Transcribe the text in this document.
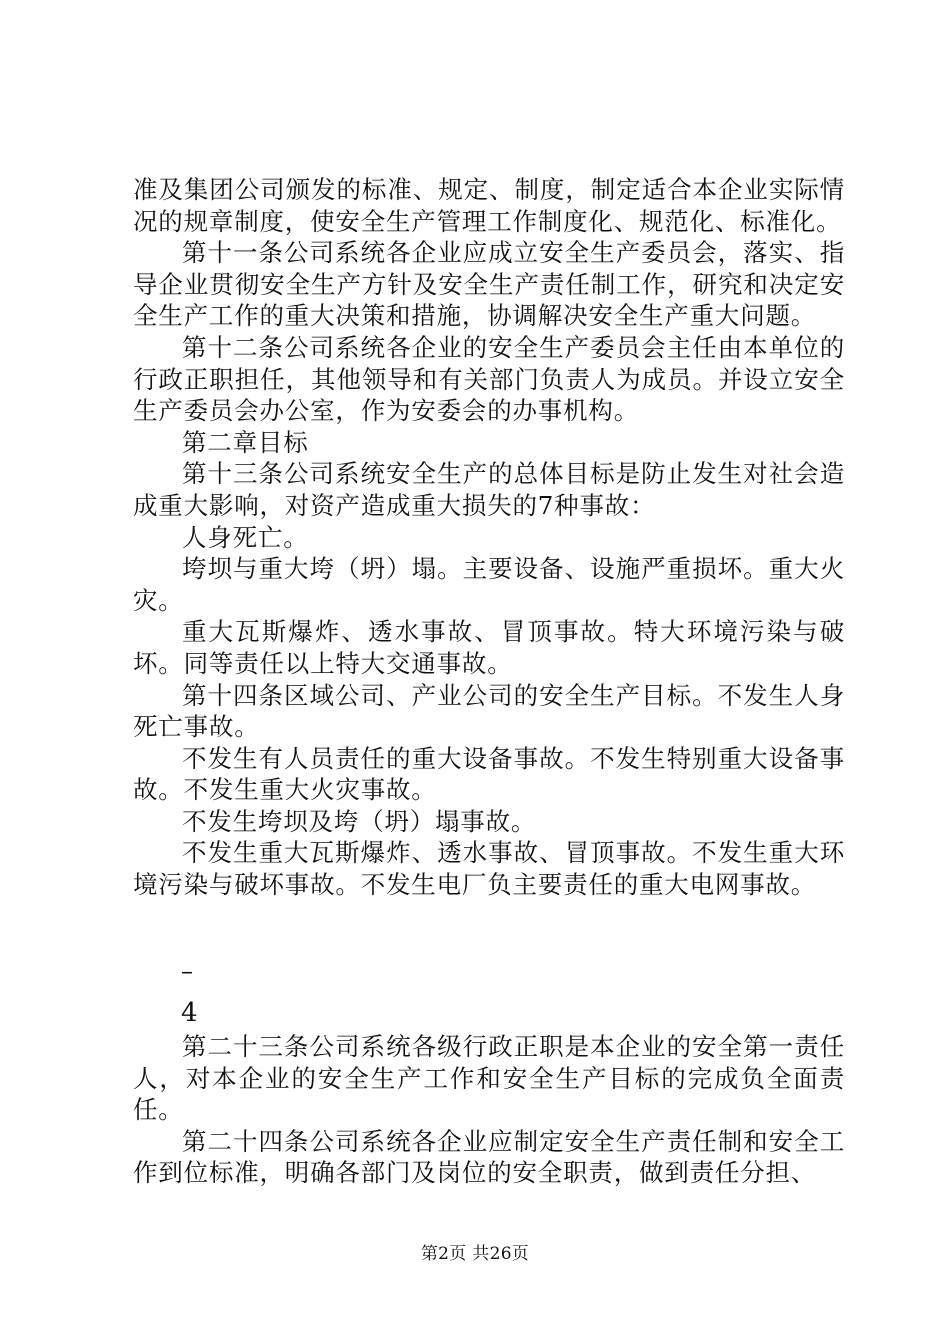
准及集团公司颁发的标准、规定、制度，制定适合本企业实际情况的规章制度，使安全生产管理工作制度化、规范化、标准化。

第十一条公司系统各企业应成立安全生产委员会，落实、指导企业贯彻安全生产方针及安全生产责任制工作，研究和决定安全生产工作的重大决策和措施，协调解决安全生产重大问题。

第十二条公司系统各企业的安全生产委员会主任由本单位的行政正职担任，其他领导和有关部门负责人为成员。并设立安全生产委员会办公室，作为安委会的办事机构。

第二章目标

第十三条公司系统安全生产的总体目标是防止发生对社会造成重大影响，对资产造成重大损失的7种事故：

人身死亡。

垮坝与重大垮（坍）塌。主要设备、设施严重损坏。重大火灾。

重大瓦斯爆炸、透水事故、冒顶事故。特大环境污染与破坏。同等责任以上特大交通事故。

第十四条区域公司、产业公司的安全生产目标。不发生人身死亡事故。

不发生有人员责任的重大设备事故。不发生特别重大设备事故。不发生重大火灾事故。

不发生垮坝及垮（坍）塌事故。

不发生重大瓦斯爆炸、透水事故、冒顶事故。不发生重大环境污染与破坏事故。不发生电厂负主要责任的重大电网事故。

–
4

第二十三条公司系统各级行政正职是本企业的安全第一责任人，对本企业的安全生产工作和安全生产目标的完成负全面责任。

第二十四条公司系统各企业应制定安全生产责任制和安全工作到位标准，明确各部门及岗位的安全职责，做到责任分担、

第2页 共26页
